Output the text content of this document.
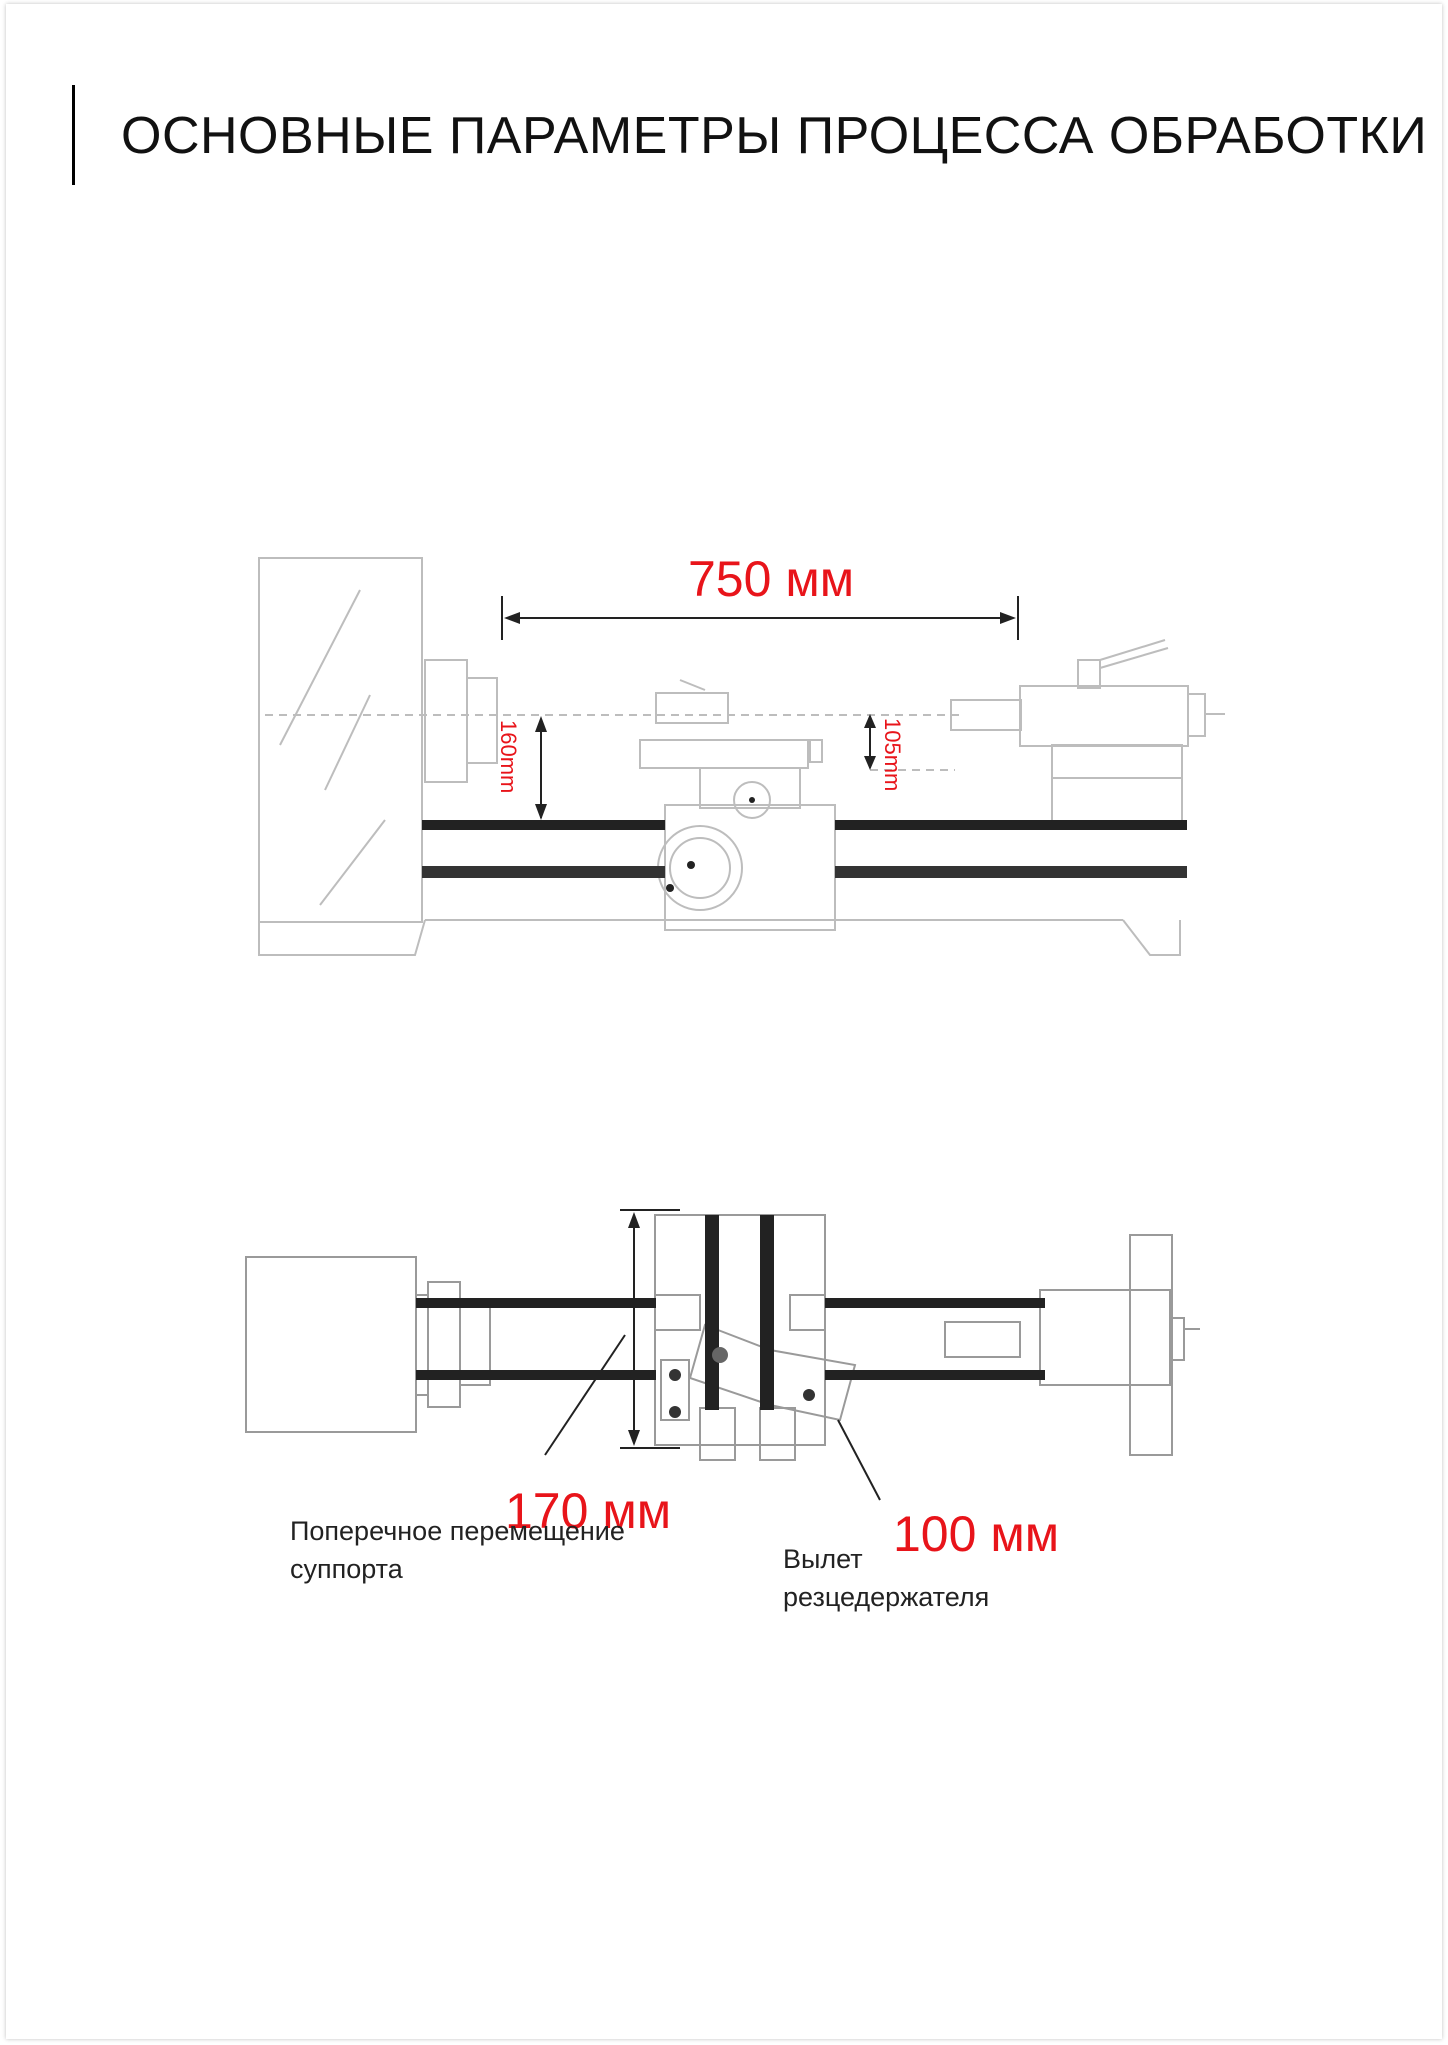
ОСНОВНЫЕ ПАРАМЕТРЫ ПРОЦЕССА ОБРАБОТКИ
750 мм
160mm	105mm
170 мм
Поперечное перемещение суппорта
100 мм
Вылет резцедержателя
